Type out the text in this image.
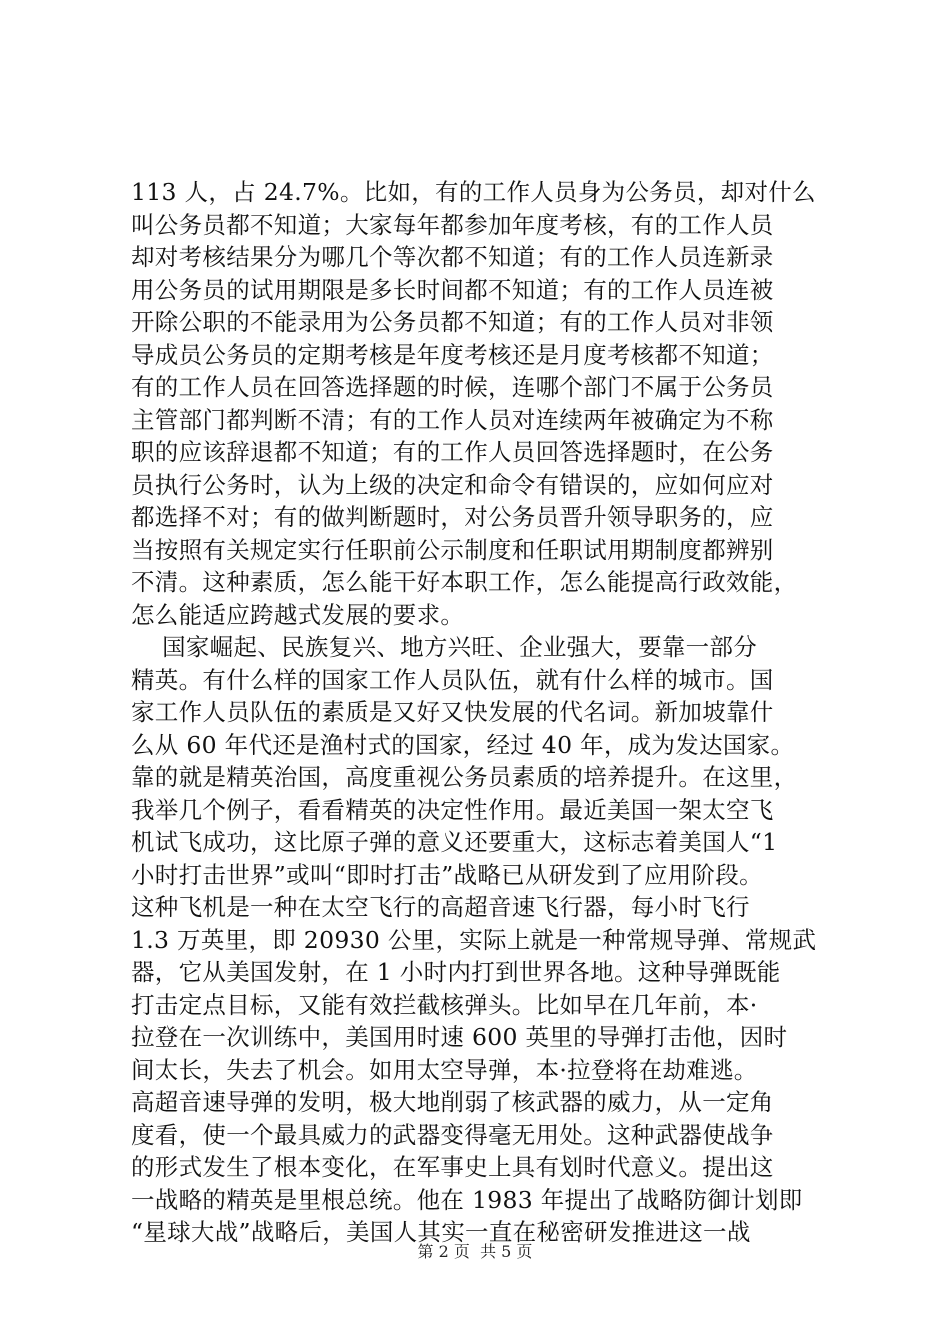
113 人，占 24.7%。比如，有的工作人员身为公务员，却对什么
叫公务员都不知道；大家每年都参加年度考核，有的工作人员
却对考核结果分为哪几个等次都不知道；有的工作人员连新录
用公务员的试用期限是多长时间都不知道；有的工作人员连被
开除公职的不能录用为公务员都不知道；有的工作人员对非领
导成员公务员的定期考核是年度考核还是月度考核都不知道；
有的工作人员在回答选择题的时候，连哪个部门不属于公务员
主管部门都判断不清；有的工作人员对连续两年被确定为不称
职的应该辞退都不知道；有的工作人员回答选择题时，在公务
员执行公务时，认为上级的决定和命令有错误的，应如何应对
都选择不对；有的做判断题时，对公务员晋升领导职务的，应
当按照有关规定实行任职前公示制度和任职试用期制度都辨别
不清。这种素质，怎么能干好本职工作，怎么能提高行政效能，
怎么能适应跨越式发展的要求。
国家崛起、民族复兴、地方兴旺、企业强大，要靠一部分
精英。有什么样的国家工作人员队伍，就有什么样的城市。国
家工作人员队伍的素质是又好又快发展的代名词。新加坡靠什
么从 60 年代还是渔村式的国家，经过 40 年，成为发达国家。
靠的就是精英治国，高度重视公务员素质的培养提升。在这里，
我举几个例子，看看精英的决定性作用。最近美国一架太空飞
机试飞成功，这比原子弹的意义还要重大，这标志着美国人“1
小时打击世界”或叫“即时打击”战略已从研发到了应用阶段。
这种飞机是一种在太空飞行的高超音速飞行器，每小时飞行
1.3 万英里，即 20930 公里，实际上就是一种常规导弹、常规武
器，它从美国发射，在 1 小时内打到世界各地。这种导弹既能
打击定点目标，又能有效拦截核弹头。比如早在几年前，本·
拉登在一次训练中，美国用时速 600 英里的导弹打击他，因时
间太长，失去了机会。如用太空导弹，本·拉登将在劫难逃。
高超音速导弹的发明，极大地削弱了核武器的威力，从一定角
度看，使一个最具威力的武器变得毫无用处。这种武器使战争
的形式发生了根本变化，在军事史上具有划时代意义。提出这
一战略的精英是里根总统。他在 1983 年提出了战略防御计划即
“星球大战”战略后，美国人其实一直在秘密研发推进这一战
第 2 页  共 5 页
